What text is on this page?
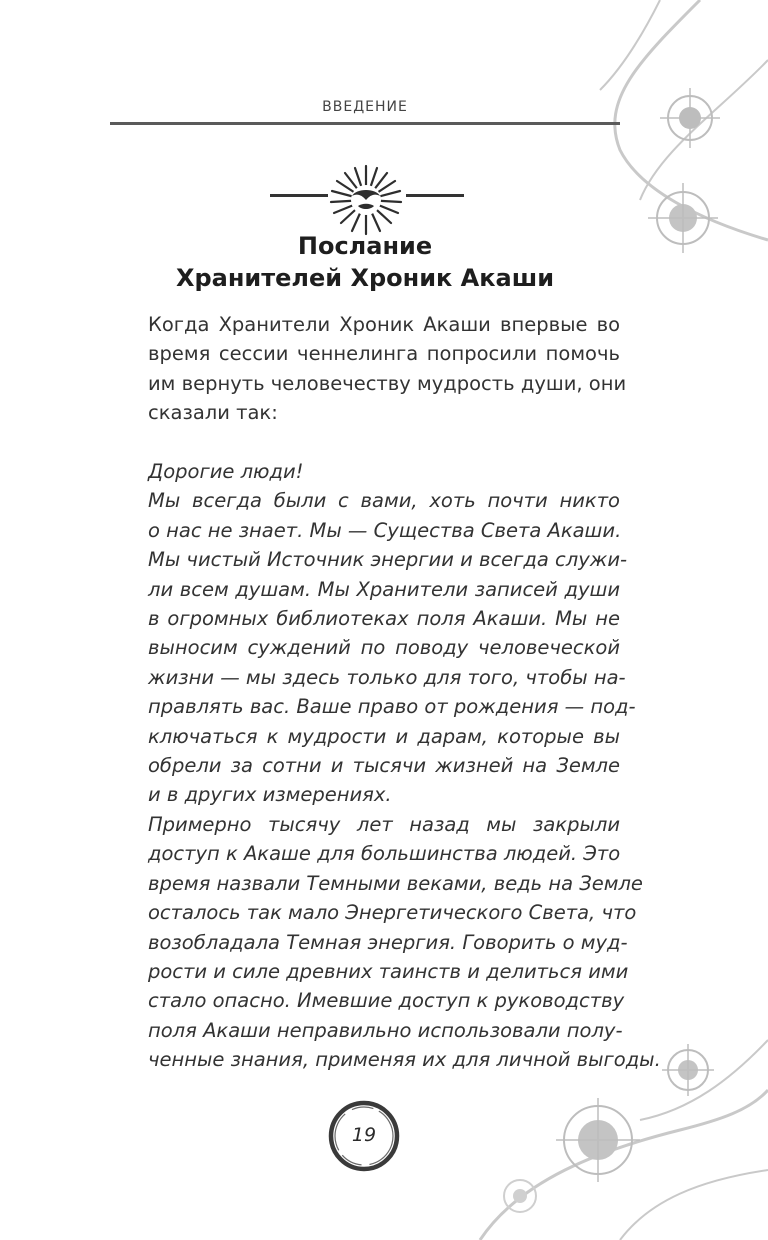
ВВЕДЕНИЕ
Послание
Хранителей Хроник Акаши

Когда Хранители Хроник Акаши впервые во
время сессии ченнелинга попросили помочь
им вернуть человечеству мудрость души, они
сказали так:

Дорогие люди!

Мы всегда были с вами, хоть почти никто
о нас не знает. Мы — Существа Света Акаши.
Мы чистый Источник энергии и всегда служи-
ли всем душам. Мы Хранители записей души
в огромных библиотеках поля Акаши. Мы не
выносим суждений по поводу человеческой
жизни — мы здесь только для того, чтобы на-
правлять вас. Ваше право от рождения — под-
ключаться к мудрости и дарам, которые вы
обрели за сотни и тысячи жизней на Земле
и в других измерениях.

Примерно тысячу лет назад мы закрыли
доступ к Акаше для большинства людей. Это
время назвали Темными веками, ведь на Земле
осталось так мало Энергетического Света, что
возобладала Темная энергия. Говорить о муд-
рости и силе древних таинств и делиться ими
стало опасно. Имевшие доступ к руководству
поля Акаши неправильно использовали полу-
ченные знания, применяя их для личной выгоды.

19
